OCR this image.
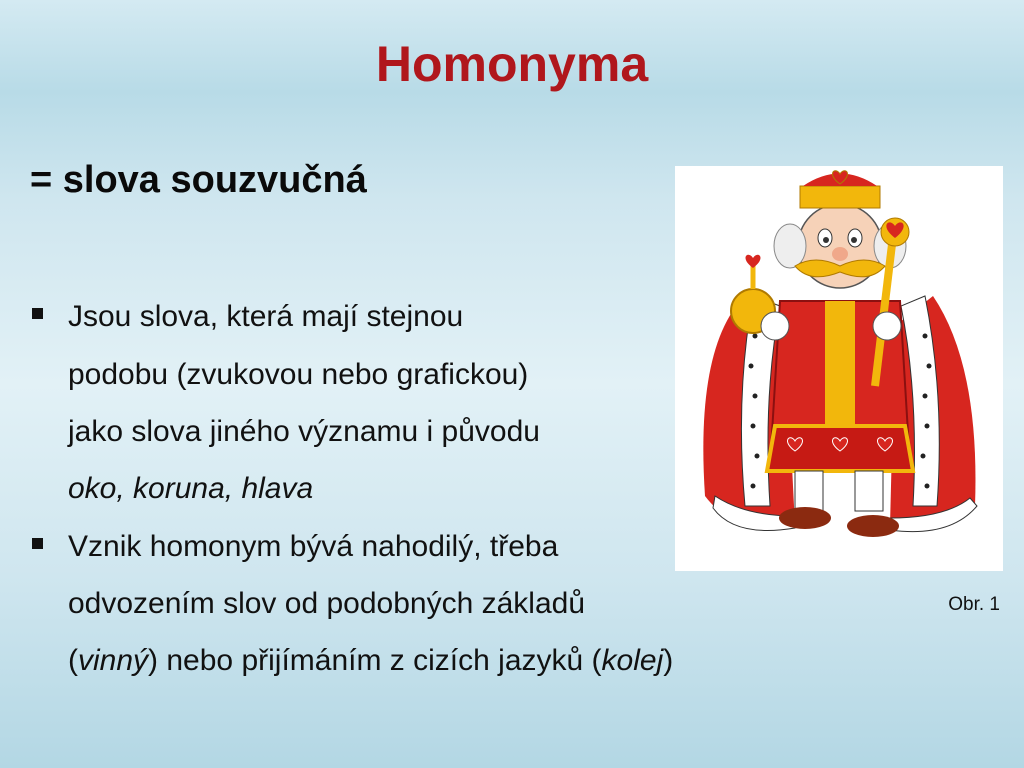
Homonyma
= slova souzvučná
Jsou slova, která mají stejnou
podobu (zvukovou nebo grafickou)
jako slova jiného významu i původu
oko, koruna, hlava
Vznik homonym bývá nahodilý, třeba
odvozením slov od podobných základů
(vinný) nebo přijímáním z cizích jazyků (kolej)
Obr. 1
